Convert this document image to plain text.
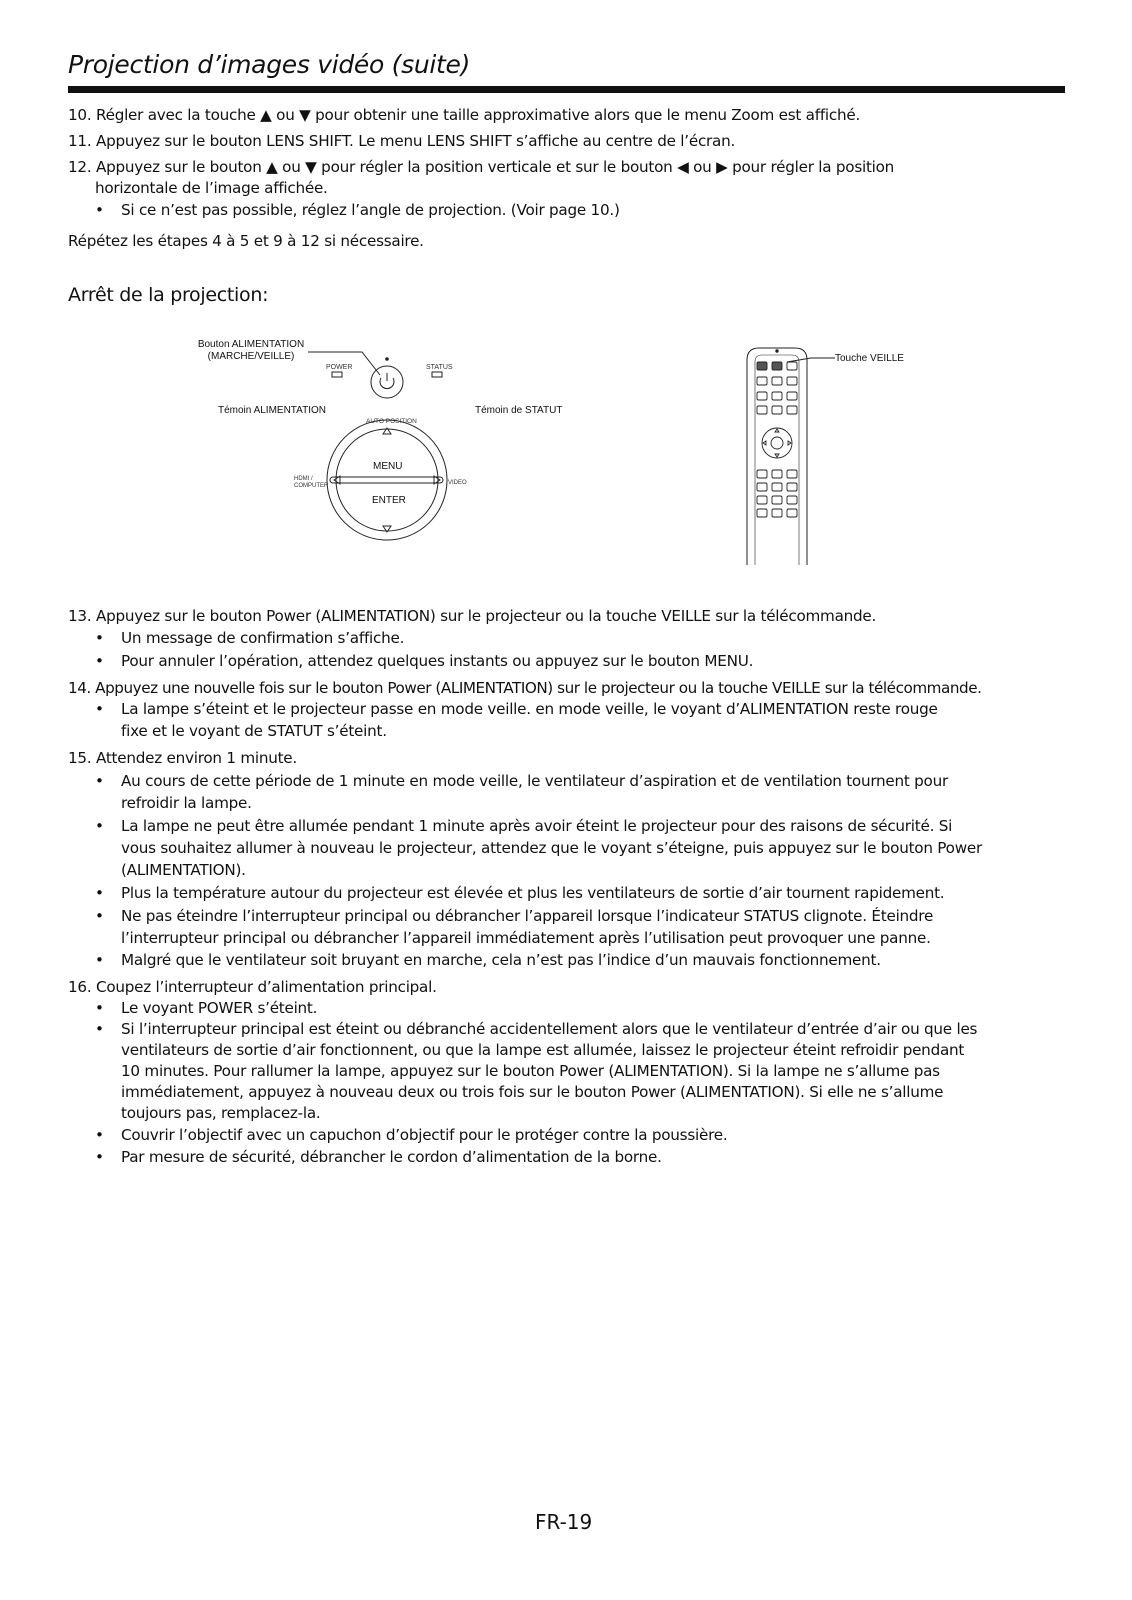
Projection d’images vidéo (suite)
10. Régler avec la touche ▲ ou ▼ pour obtenir une taille approximative alors que le menu Zoom est affiché.
11. Appuyez sur le bouton LENS SHIFT. Le menu LENS SHIFT s’affiche au centre de l’écran.
12. Appuyez sur le bouton ▲ ou ▼ pour régler la position verticale et sur le bouton ◀ ou ▶ pour régler la position
horizontale de l’image affichée.
• Si ce n’est pas possible, réglez l’angle de projection. (Voir page 10.)
Répétez les étapes 4 à 5 et 9 à 12 si nécessaire.
Arrêt de la projection:
Bouton ALIMENTATION
(MARCHE/VEILLE)
POWER	STATUS
Témoin ALIMENTATION	Témoin de STATUT
AUTO POSITION
MENU
ENTER
HDMI /
COMPUTER	VIDEO
Touche VEILLE
13. Appuyez sur le bouton Power (ALIMENTATION) sur le projecteur ou la touche VEILLE sur la télécommande.
• Un message de confirmation s’affiche.
• Pour annuler l’opération, attendez quelques instants ou appuyez sur le bouton MENU.
14. Appuyez une nouvelle fois sur le bouton Power (ALIMENTATION) sur le projecteur ou la touche VEILLE sur la télécommande.
• La lampe s’éteint et le projecteur passe en mode veille. en mode veille, le voyant d’ALIMENTATION reste rouge
fixe et le voyant de STATUT s’éteint.
15. Attendez environ 1 minute.
• Au cours de cette période de 1 minute en mode veille, le ventilateur d’aspiration et de ventilation tournent pour
refroidir la lampe.
• La lampe ne peut être allumée pendant 1 minute après avoir éteint le projecteur pour des raisons de sécurité. Si
vous souhaitez allumer à nouveau le projecteur, attendez que le voyant s’éteigne, puis appuyez sur le bouton Power
(ALIMENTATION).
• Plus la température autour du projecteur est élevée et plus les ventilateurs de sortie d’air tournent rapidement.
• Ne pas éteindre l’interrupteur principal ou débrancher l’appareil lorsque l’indicateur STATUS clignote. Éteindre
l’interrupteur principal ou débrancher l’appareil immédiatement après l’utilisation peut provoquer une panne.
• Malgré que le ventilateur soit bruyant en marche, cela n’est pas l’indice d’un mauvais fonctionnement.
16. Coupez l’interrupteur d’alimentation principal.
• Le voyant POWER s’éteint.
• Si l’interrupteur principal est éteint ou débranché accidentellement alors que le ventilateur d’entrée d’air ou que les
ventilateurs de sortie d’air fonctionnent, ou que la lampe est allumée, laissez le projecteur éteint refroidir pendant
10 minutes. Pour rallumer la lampe, appuyez sur le bouton Power (ALIMENTATION). Si la lampe ne s’allume pas
immédiatement, appuyez à nouveau deux ou trois fois sur le bouton Power (ALIMENTATION). Si elle ne s’allume
toujours pas, remplacez-la.
• Couvrir l’objectif avec un capuchon d’objectif pour le protéger contre la poussière.
• Par mesure de sécurité, débrancher le cordon d’alimentation de la borne.
FR-19
